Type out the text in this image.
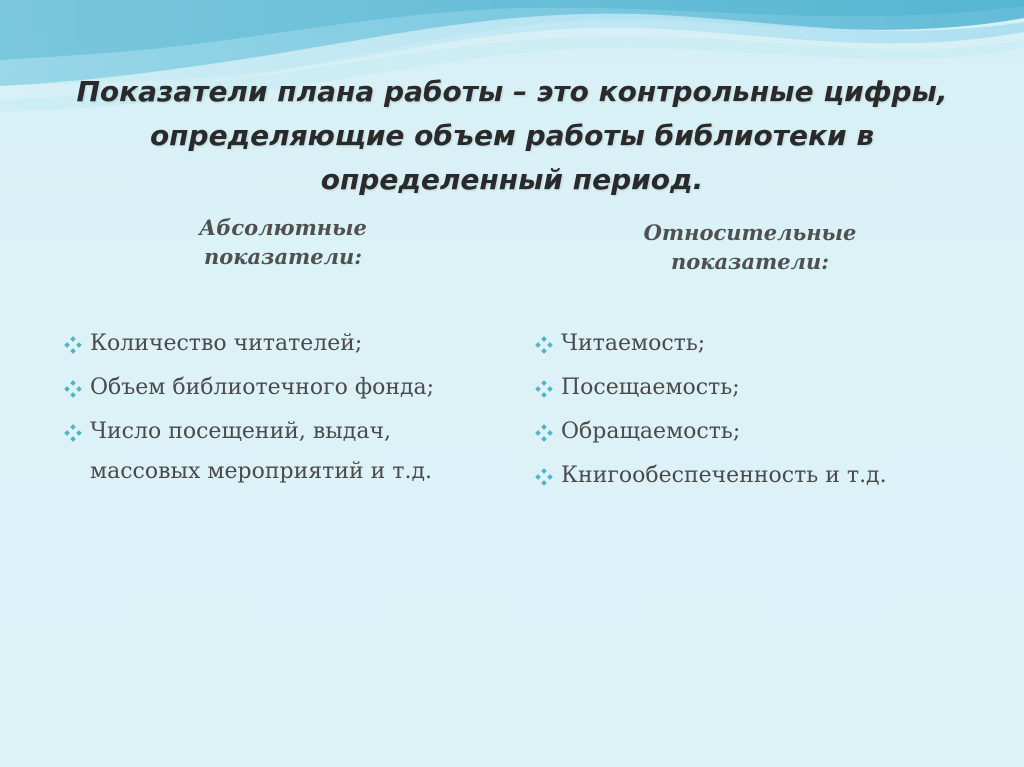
Показатели плана работы – это контрольные цифры, определяющие объем работы библиотеки в определенный период.
Абсолютные
показатели:
Относительные
показатели:
Количество читателей;
Объем библиотечного фонда;
Число посещений, выдач, массовых мероприятий и т.д.
Читаемость;
Посещаемость;
Обращаемость;
Книгообеспеченность и т.д.
